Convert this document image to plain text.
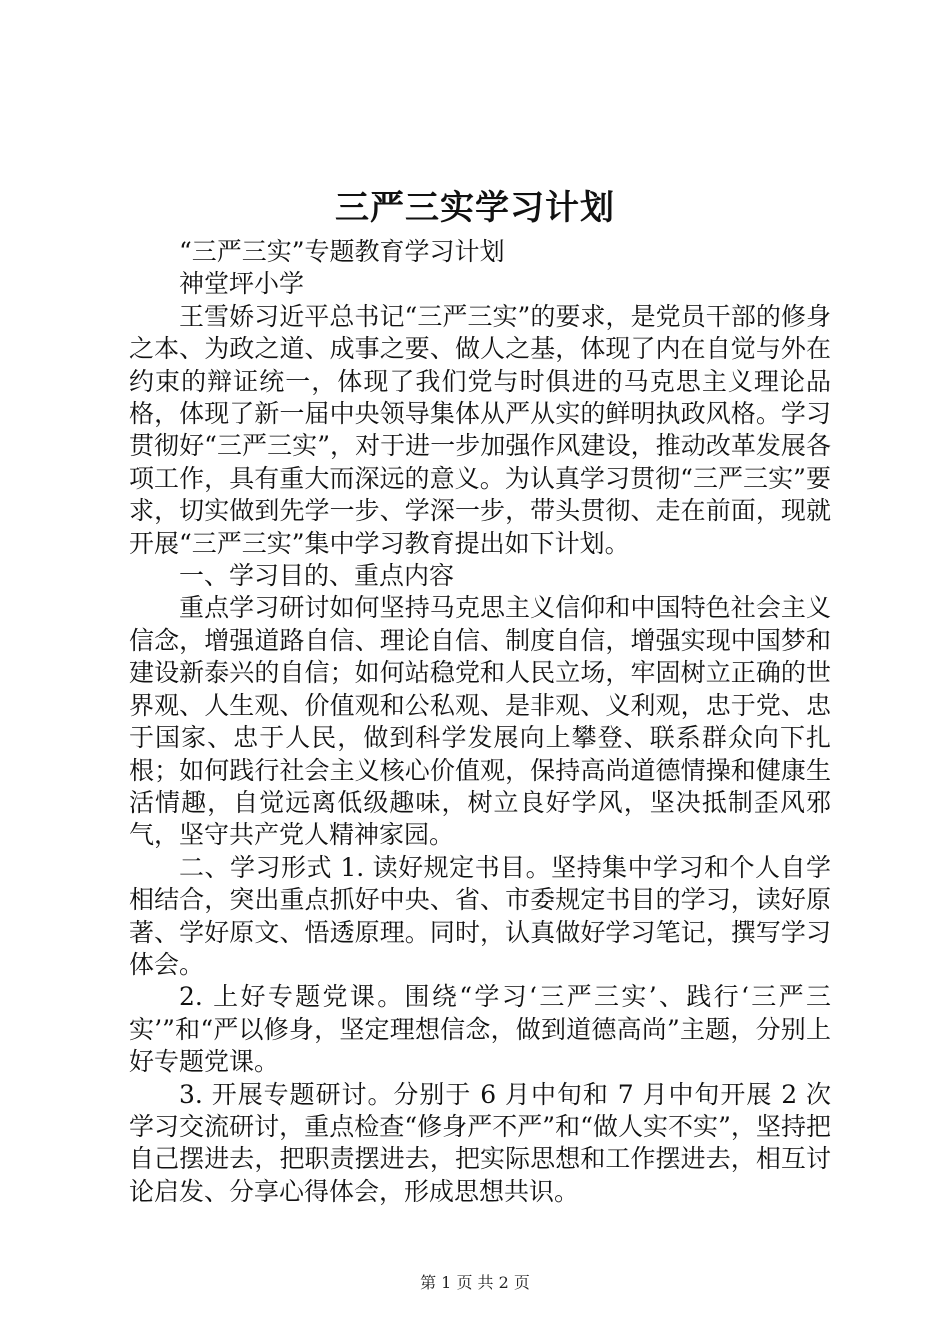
三严三实学习计划

“三严三实”专题教育学习计划

神堂坪小学

王雪娇习近平总书记“三严三实”的要求，是党员干部的修身之本、为政之道、成事之要、做人之基，体现了内在自觉与外在约束的辩证统一，体现了我们党与时俱进的马克思主义理论品格，体现了新一届中央领导集体从严从实的鲜明执政风格。学习贯彻好“三严三实”，对于进一步加强作风建设，推动改革发展各项工作，具有重大而深远的意义。为认真学习贯彻“三严三实”要求，切实做到先学一步、学深一步，带头贯彻、走在前面，现就开展“三严三实”集中学习教育提出如下计划。

一、学习目的、重点内容

重点学习研讨如何坚持马克思主义信仰和中国特色社会主义信念，增强道路自信、理论自信、制度自信，增强实现中国梦和建设新泰兴的自信；如何站稳党和人民立场，牢固树立正确的世界观、人生观、价值观和公私观、是非观、义利观，忠于党、忠于国家、忠于人民，做到科学发展向上攀登、联系群众向下扎根；如何践行社会主义核心价值观，保持高尚道德情操和健康生活情趣，自觉远离低级趣味，树立良好学风，坚决抵制歪风邪气，坚守共产党人精神家园。

二、学习形式 1. 读好规定书目。坚持集中学习和个人自学相结合，突出重点抓好中央、省、市委规定书目的学习，读好原著、学好原文、悟透原理。同时，认真做好学习笔记，撰写学习体会。

2. 上好专题党课。围绕“学习‘三严三实’、践行‘三严三实’”和“严以修身，坚定理想信念，做到道德高尚”主题，分别上好专题党课。

3. 开展专题研讨。分别于 6 月中旬和 7 月中旬开展 2 次学习交流研讨，重点检查“修身严不严”和“做人实不实”，坚持把自己摆进去，把职责摆进去，把实际思想和工作摆进去，相互讨论启发、分享心得体会，形成思想共识。

第 1 页 共 2 页
